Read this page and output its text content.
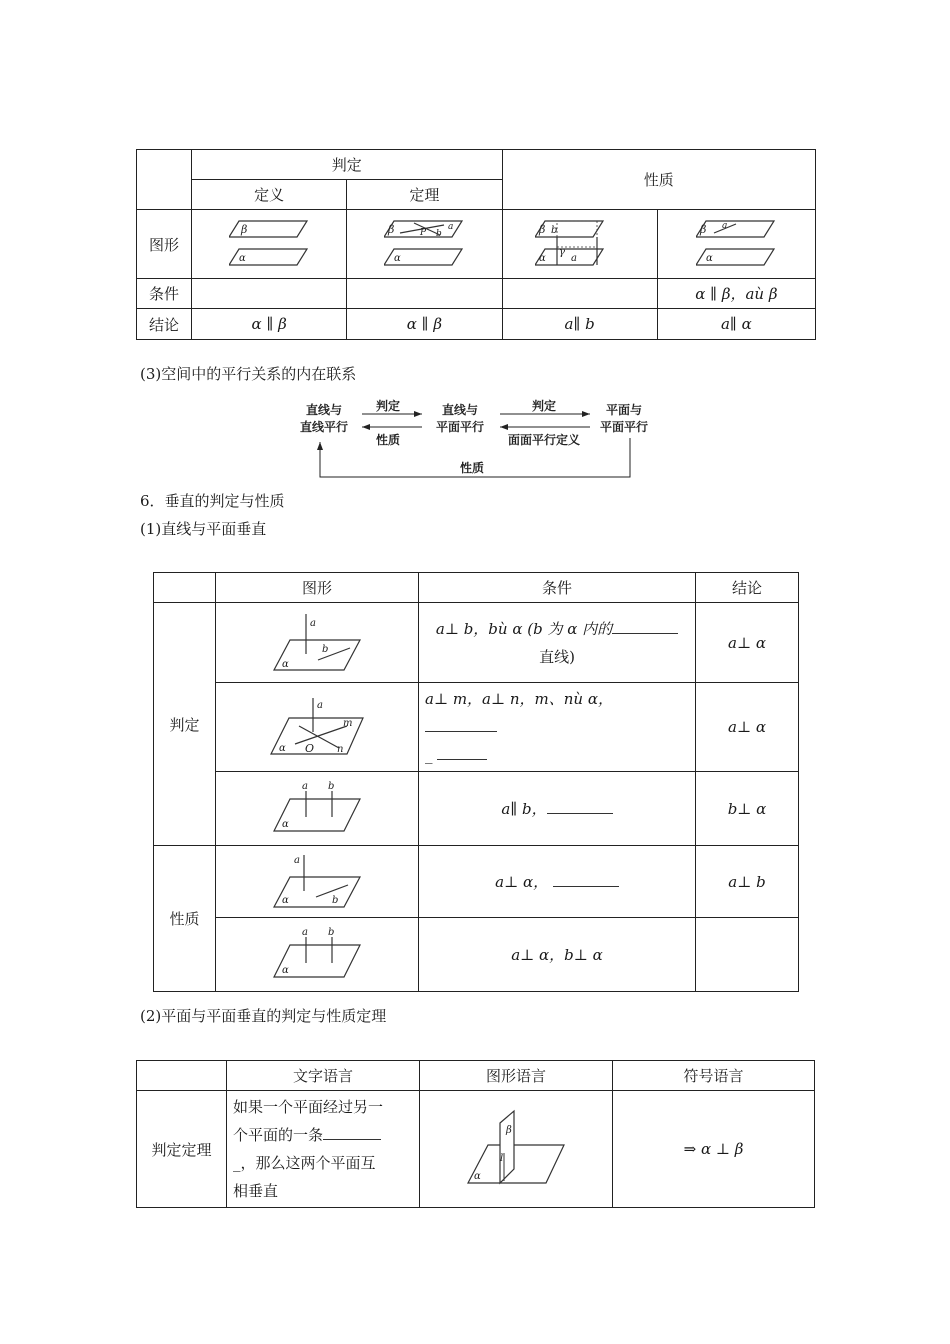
	判定		性质	
	定义	定理		
图形	β
α	β a
P b
α	β b
γ
α a	β a
α

条件				α ∥ β，aù β
结论	α ∥ β	α ∥ β	a∥ b	a∥ α
(3)空间中的平行关系的内在联系
直线与
直线平行
直线与
平面平行
平面与
平面平行
判定
性质
判定
面面平行定义
性质
6．垂直的判定与性质
(1)直线与平面垂直
	图形	条件	结论
判定	a
b
α	a⊥ b，bù α (b 为 α 内的
直线)	a⊥ α

a
m
n
O
α	a⊥ m，a⊥ n，m、nù α，
_	a⊥ α

a b
α	a∥ b，	b⊥ α
性质	a
b
α	a⊥ α，	a⊥ b

a b
α	a⊥ α，b⊥ α	
(2)平面与平面垂直的判定与性质定理
	文字语言	图形语言	符号语言
判定定理	如果一个平面经过另一
个平面的一条
_，那么这两个平面互
相垂直	β
l
α	⇒ α ⊥ β
